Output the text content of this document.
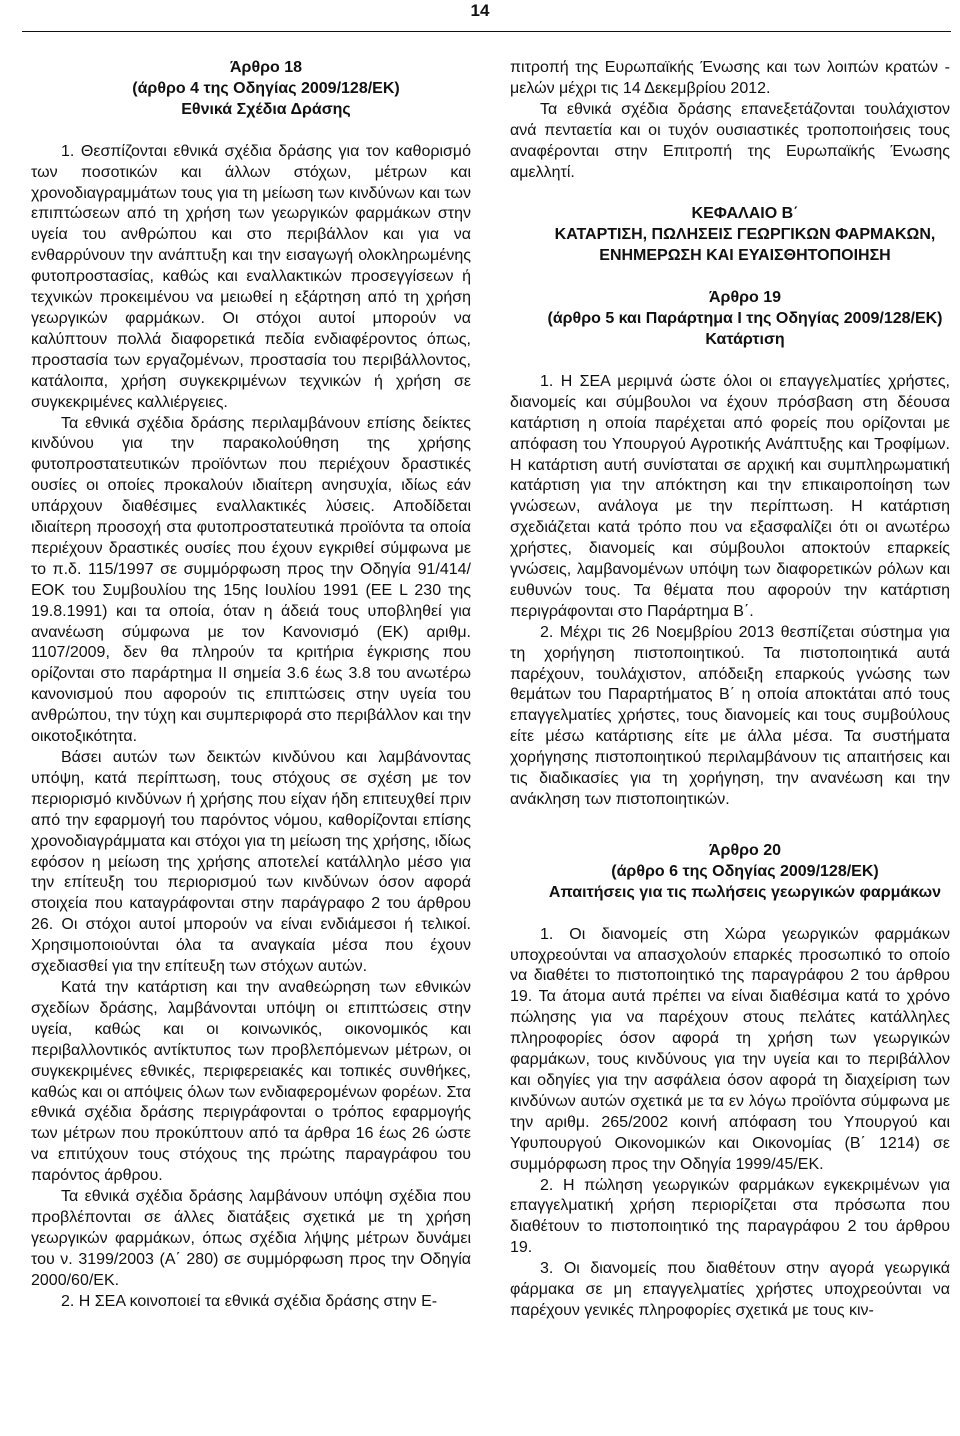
14

Άρθρο 18

(άρθρο 4 της Οδηγίας 2009/128/ΕΚ)

Εθνικά Σχέδια Δράσης

1. Θεσπίζονται εθνικά σχέδια δράσης για τον καθορισμό των ποσοτικών και άλλων στόχων, μέτρων και χρονοδιαγραμμάτων τους για τη μείωση των κινδύνων και των επιπτώσεων από τη χρήση των γεωργικών φαρμάκων στην υγεία του ανθρώπου και στο περιβάλλον και για να ενθαρρύνουν την ανάπτυξη και την εισαγωγή ολοκληρωμένης φυτοπροστασίας, καθώς και εναλλακτικών προσεγγίσεων ή τεχνικών προκειμένου να μειωθεί η εξάρτηση από τη χρήση γεωργικών φαρμάκων. Οι στόχοι αυτοί μπορούν να καλύπτουν πολλά διαφορετικά πεδία ενδιαφέροντος όπως, προστασία των εργαζομένων, προστασία του περιβάλλοντος, κατάλοιπα, χρήση συγκεκριμένων τεχνικών ή χρήση σε συγκεκριμένες καλλιέργειες.

Τα εθνικά σχέδια δράσης περιλαμβάνουν επίσης δείκτες κινδύνου για την παρακολούθηση της χρήσης φυτοπροστατευτικών προϊόντων που περιέχουν δραστικές ουσίες οι οποίες προκαλούν ιδιαίτερη ανησυχία, ιδίως εάν υπάρχουν διαθέσιμες εναλλακτικές λύσεις. Αποδίδεται ιδιαίτερη προσοχή στα φυτοπροστατευτικά προϊόντα τα οποία περιέχουν δραστικές ουσίες που έχουν εγκριθεί σύμφωνα με το π.δ. 115/1997 σε συμμόρφωση προς την Οδηγία 91/414/ΕΟΚ του Συμβουλίου της 15ης Ιουλίου 1991 (ΕΕ L 230 της 19.8.1991) και τα οποία, όταν η άδειά τους υποβληθεί για ανανέωση σύμφωνα με τον Κανονισμό (ΕΚ) αριθμ. 1107/2009, δεν θα πληρούν τα κριτήρια έγκρισης που ορίζονται στο παράρτημα ΙΙ σημεία 3.6 έως 3.8 του ανωτέρω κανονισμού που αφορούν τις επιπτώσεις στην υγεία του ανθρώπου, την τύχη και συμπεριφορά στο περιβάλλον και την οικοτοξικότητα.

Βάσει αυτών των δεικτών κινδύνου και λαμβάνοντας υπόψη, κατά περίπτωση, τους στόχους σε σχέση με τον περιορισμό κινδύνων ή χρήσης που είχαν ήδη επιτευχθεί πριν από την εφαρμογή του παρόντος νόμου, καθορίζονται επίσης χρονοδιαγράμματα και στόχοι για τη μείωση της χρήσης, ιδίως εφόσον η μείωση της χρήσης αποτελεί κατάλληλο μέσο για την επίτευξη του περιορισμού των κινδύνων όσον αφορά στοιχεία που καταγράφονται στην παράγραφο 2 του άρθρου 26. Οι στόχοι αυτοί μπορούν να είναι ενδιάμεσοι ή τελικοί. Χρησιμοποιούνται όλα τα αναγκαία μέσα που έχουν σχεδιασθεί για την επίτευξη των στόχων αυτών.

Κατά την κατάρτιση και την αναθεώρηση των εθνικών σχεδίων δράσης, λαμβάνονται υπόψη οι επιπτώσεις στην υγεία, καθώς και οι κοινωνικός, οικονομικός και περιβαλλοντικός αντίκτυπος των προβλεπόμενων μέτρων, οι συγκεκριμένες εθνικές, περιφερειακές και τοπικές συνθήκες, καθώς και οι απόψεις όλων των ενδιαφερομένων φορέων. Στα εθνικά σχέδια δράσης περιγράφονται ο τρόπος εφαρμογής των μέτρων που προκύπτουν από τα άρθρα 16 έως 26 ώστε να επιτύχουν τους στόχους της πρώτης παραγράφου του παρόντος άρθρου.

Τα εθνικά σχέδια δράσης λαμβάνουν υπόψη σχέδια που προβλέπονται σε άλλες διατάξεις σχετικά με τη χρήση γεωργικών φαρμάκων, όπως σχέδια λήψης μέτρων δυνάμει του ν. 3199/2003 (Α΄ 280) σε συμμόρφωση προς την Οδηγία 2000/60/ΕΚ.

2. Η ΣΕΑ κοινοποιεί τα εθνικά σχέδια δράσης στην Ε-

πιτροπή της Ευρωπαϊκής Ένωσης και των λοιπών κρατών - μελών μέχρι τις 14 Δεκεμβρίου 2012.

Τα εθνικά σχέδια δράσης επανεξετάζονται τουλάχιστον ανά πενταετία και οι τυχόν ουσιαστικές τροποποιήσεις τους αναφέρονται στην Επιτροπή της Ευρωπαϊκής Ένωσης αμελλητί.

ΚΕΦΑΛΑΙΟ Β΄

ΚΑΤΑΡΤΙΣΗ, ΠΩΛΗΣΕΙΣ ΓΕΩΡΓΙΚΩΝ ΦΑΡΜΑΚΩΝ,

ΕΝΗΜΕΡΩΣΗ ΚΑΙ ΕΥΑΙΣΘΗΤΟΠΟΙΗΣΗ

Άρθρο 19

(άρθρο 5 και Παράρτημα Ι της Οδηγίας 2009/128/ΕΚ)

Κατάρτιση

1. Η ΣΕΑ μεριμνά ώστε όλοι οι επαγγελματίες χρήστες, διανομείς και σύμβουλοι να έχουν πρόσβαση στη δέουσα κατάρτιση η οποία παρέχεται από φορείς που ορίζονται με απόφαση του Υπουργού Αγροτικής Ανάπτυξης και Τροφίμων. Η κατάρτιση αυτή συνίσταται σε αρχική και συμπληρωματική κατάρτιση για την απόκτηση και την επικαιροποίηση των γνώσεων, ανάλογα με την περίπτωση. Η κατάρτιση σχεδιάζεται κατά τρόπο που να εξασφαλίζει ότι οι ανωτέρω χρήστες, διανομείς και σύμβουλοι αποκτούν επαρκείς γνώσεις, λαμβανομένων υπόψη των διαφορετικών ρόλων και ευθυνών τους. Τα θέματα που αφορούν την κατάρτιση περιγράφονται στο Παράρτημα Β΄.

2. Μέχρι τις 26 Νοεμβρίου 2013 θεσπίζεται σύστημα για τη χορήγηση πιστοποιητικού. Τα πιστοποιητικά αυτά παρέχουν, τουλάχιστον, απόδειξη επαρκούς γνώσης των θεμάτων του Παραρτήματος Β΄ η οποία αποκτάται από τους επαγγελματίες χρήστες, τους διανομείς και τους συμβούλους είτε μέσω κατάρτισης είτε με άλλα μέσα. Τα συστήματα χορήγησης πιστοποιητικού περιλαμβάνουν τις απαιτήσεις και τις διαδικασίες για τη χορήγηση, την ανανέωση και την ανάκληση των πιστοποιητικών.

Άρθρο 20

(άρθρο 6 της Οδηγίας 2009/128/ΕΚ)

Απαιτήσεις για τις πωλήσεις γεωργικών φαρμάκων

1. Οι διανομείς στη Χώρα γεωργικών φαρμάκων υποχρεούνται να απασχολούν επαρκές προσωπικό το οποίο να διαθέτει το πιστοποιητικό της παραγράφου 2 του άρθρου 19. Τα άτομα αυτά πρέπει να είναι διαθέσιμα κατά το χρόνο πώλησης για να παρέχουν στους πελάτες κατάλληλες πληροφορίες όσον αφορά τη χρήση των γεωργικών φαρμάκων, τους κινδύνους για την υγεία και το περιβάλλον και οδηγίες για την ασφάλεια όσον αφορά τη διαχείριση των κινδύνων αυτών σχετικά με τα εν λόγω προϊόντα σύμφωνα με την αριθμ. 265/2002 κοινή απόφαση του Υπουργού και Υφυπουργού Οικονομικών και Οικονομίας (Β΄ 1214) σε συμμόρφωση προς την Οδηγία 1999/45/ΕΚ.

2. Η πώληση γεωργικών φαρμάκων εγκεκριμένων για επαγγελματική χρήση περιορίζεται στα πρόσωπα που διαθέτουν το πιστοποιητικό της παραγράφου 2 του άρθρου 19.

3. Οι διανομείς που διαθέτουν στην αγορά γεωργικά φάρμακα σε μη επαγγελματίες χρήστες υποχρεούνται να παρέχουν γενικές πληροφορίες σχετικά με τους κιν-
